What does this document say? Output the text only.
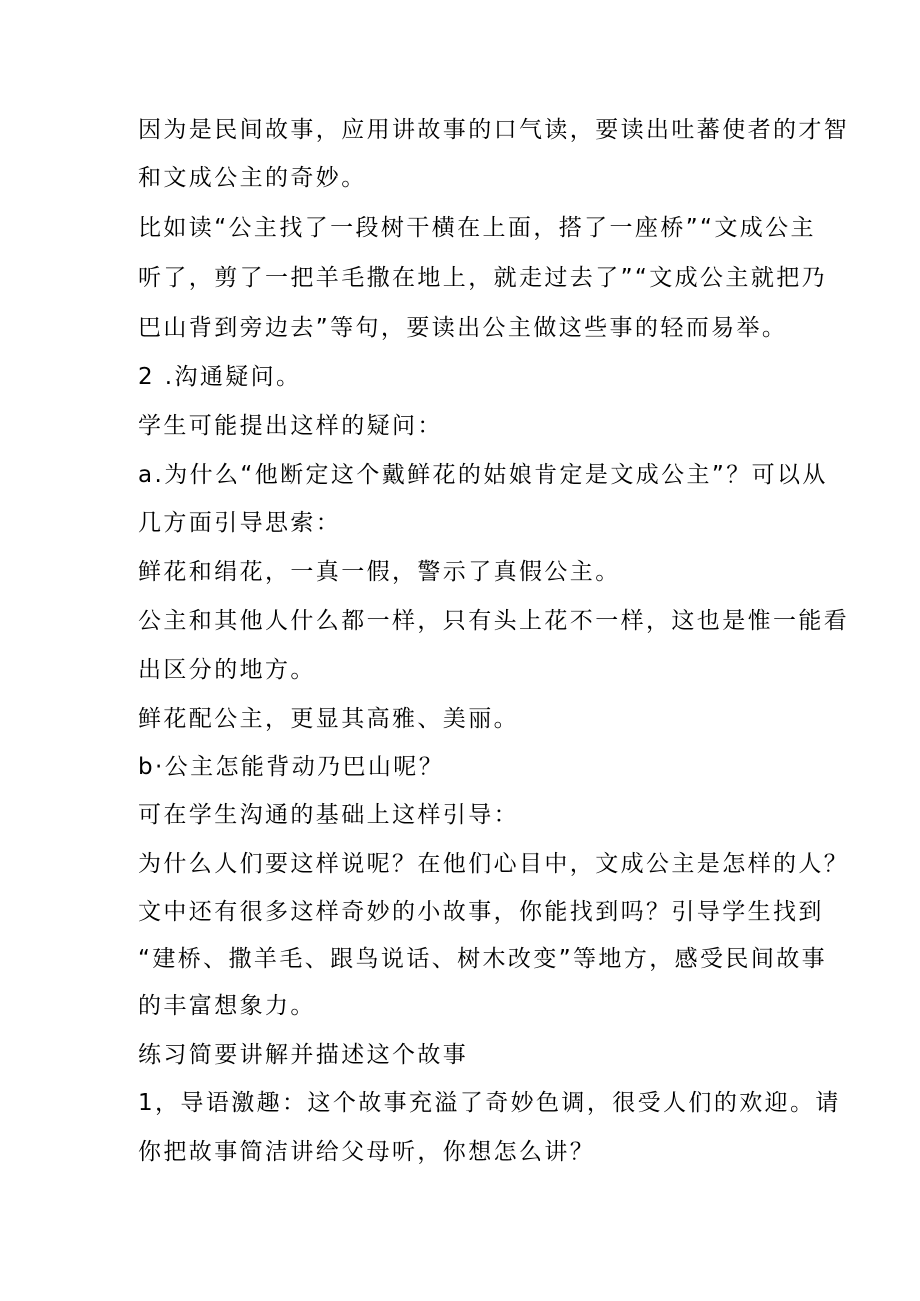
因为是民间故事，应用讲故事的口气读，要读出吐蕃使者的才智
和文成公主的奇妙。
比如读“公主找了一段树干横在上面，搭了一座桥”“文成公主
听了，剪了一把羊毛撒在地上，就走过去了”“文成公主就把乃
巴山背到旁边去”等句，要读出公主做这些事的轻而易举。
2 .沟通疑问。
学生可能提出这样的疑问：
a.为什么“他断定这个戴鲜花的姑娘肯定是文成公主”？可以从
几方面引导思索：
鲜花和绢花，一真一假，警示了真假公主。
公主和其他人什么都一样，只有头上花不一样，这也是惟一能看
出区分的地方。
鲜花配公主，更显其高雅、美丽。
b·公主怎能背动乃巴山呢？
可在学生沟通的基础上这样引导：
为什么人们要这样说呢？在他们心目中，文成公主是怎样的人？
文中还有很多这样奇妙的小故事，你能找到吗？引导学生找到
“建桥、撒羊毛、跟鸟说话、树木改变”等地方，感受民间故事
的丰富想象力。
练习简要讲解并描述这个故事
1，导语激趣：这个故事充溢了奇妙色调，很受人们的欢迎。请
你把故事简洁讲给父母听，你想怎么讲？
